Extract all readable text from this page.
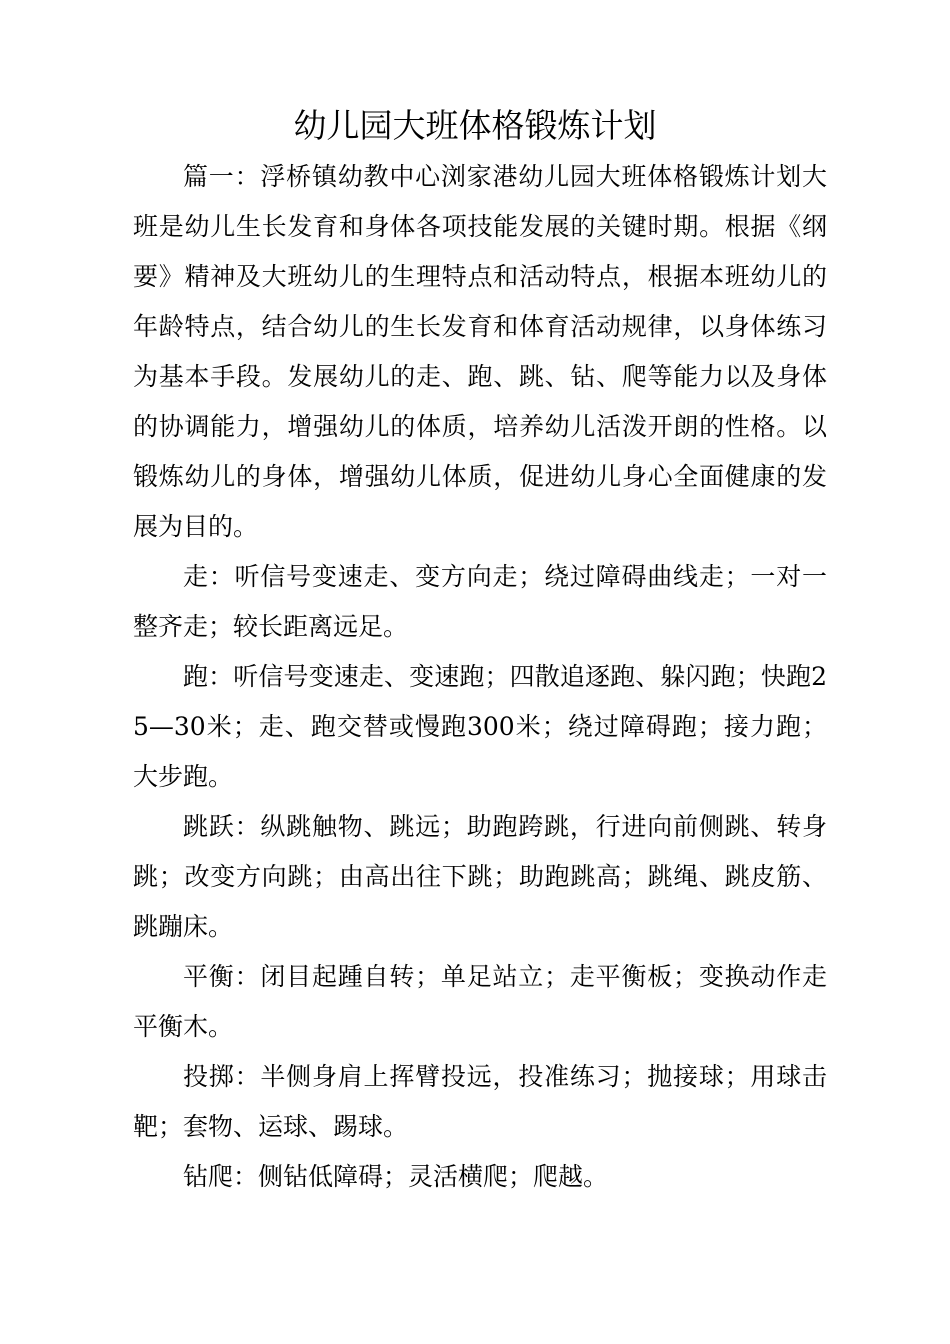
幼儿园大班体格锻炼计划

篇一：浮桥镇幼教中心浏家港幼儿园大班体格锻炼计划大班是幼儿生长发育和身体各项技能发展的关键时期。根据《纲要》精神及大班幼儿的生理特点和活动特点，根据本班幼儿的年龄特点，结合幼儿的生长发育和体育活动规律，以身体练习为基本手段。发展幼儿的走、跑、跳、钻、爬等能力以及身体的协调能力，增强幼儿的体质，培养幼儿活泼开朗的性格。以锻炼幼儿的身体，增强幼儿体质，促进幼儿身心全面健康的发展为目的。

走：听信号变速走、变方向走；绕过障碍曲线走；一对一整齐走；较长距离远足。

跑：听信号变速走、变速跑；四散追逐跑、躲闪跑；快跑25—30米；走、跑交替或慢跑300米；绕过障碍跑；接力跑；大步跑。

跳跃：纵跳触物、跳远；助跑跨跳，行进向前侧跳、转身跳；改变方向跳；由高出往下跳；助跑跳高；跳绳、跳皮筋、跳蹦床。

平衡：闭目起踵自转；单足站立；走平衡板；变换动作走平衡木。

投掷：半侧身肩上挥臂投远，投准练习；抛接球；用球击靶；套物、运球、踢球。

钻爬：侧钻低障碍；灵活横爬；爬越。
